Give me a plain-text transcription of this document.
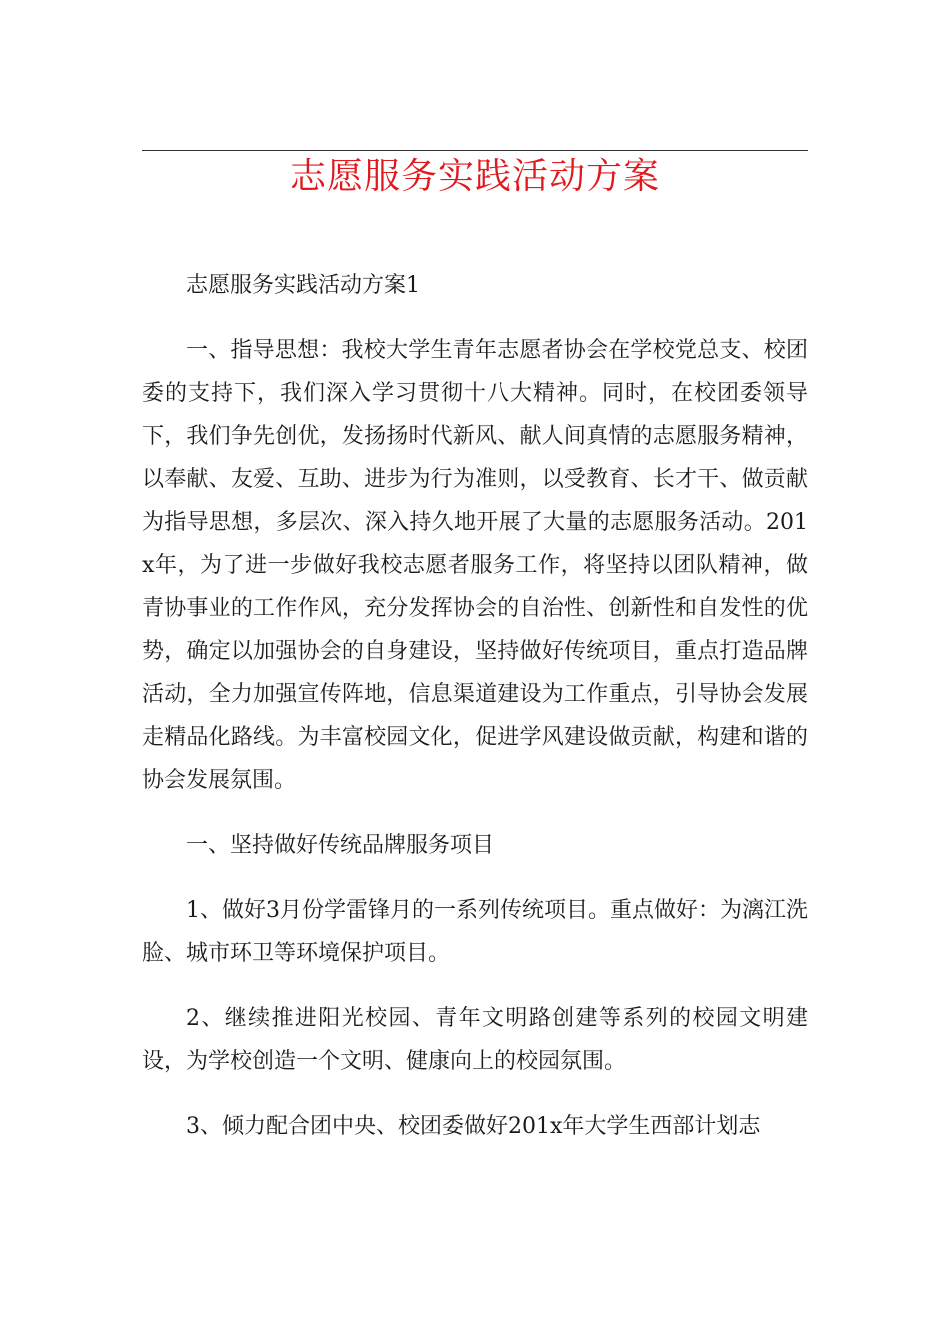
志愿服务实践活动方案

志愿服务实践活动方案1

一、指导思想：我校大学生青年志愿者协会在学校党总支、校团委的支持下，我们深入学习贯彻十八大精神。同时，在校团委领导下，我们争先创优，发扬扬时代新风、献人间真情的志愿服务精神，以奉献、友爱、互助、进步为行为准则，以受教育、长才干、做贡献为指导思想，多层次、深入持久地开展了大量的志愿服务活动。201x年，为了进一步做好我校志愿者服务工作，将坚持以团队精神，做青协事业的工作作风，充分发挥协会的自治性、创新性和自发性的优势，确定以加强协会的自身建设，坚持做好传统项目，重点打造品牌活动，全力加强宣传阵地，信息渠道建设为工作重点，引导协会发展走精品化路线。为丰富校园文化，促进学风建设做贡献，构建和谐的协会发展氛围。

一、坚持做好传统品牌服务项目

1、做好3月份学雷锋月的一系列传统项目。重点做好：为漓江洗脸、城市环卫等环境保护项目。

2、继续推进阳光校园、青年文明路创建等系列的校园文明建设，为学校创造一个文明、健康向上的校园氛围。

3、倾力配合团中央、校团委做好201x年大学生西部计划志
